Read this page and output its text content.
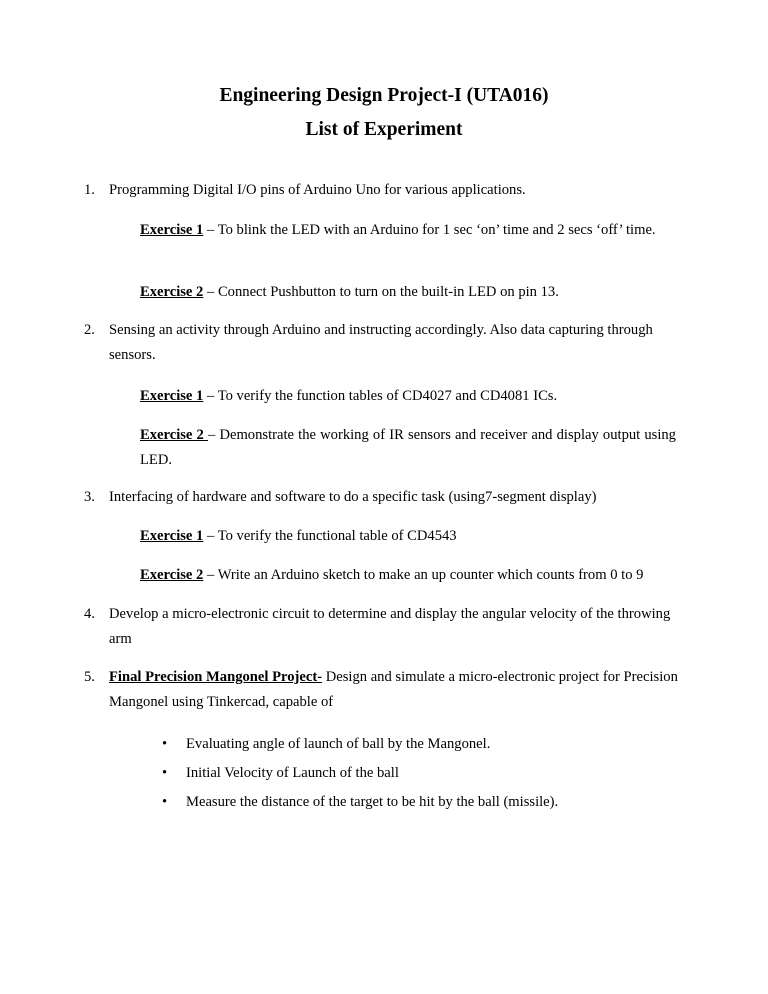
Engineering Design Project-I (UTA016)
List of Experiment
1. Programming Digital I/O pins of Arduino Uno for various applications.
Exercise 1 – To blink the LED with an Arduino for 1 sec ‘on’ time and 2 secs ‘off’ time.
Exercise 2 – Connect Pushbutton to turn on the built-in LED on pin 13.
2. Sensing an activity through Arduino and instructing accordingly. Also data capturing through sensors.
Exercise 1 – To verify the function tables of CD4027 and CD4081 ICs.
Exercise 2 – Demonstrate the working of IR sensors and receiver and display output using LED.
3. Interfacing of hardware and software to do a specific task (using7-segment display)
Exercise 1 – To verify the functional table of CD4543
Exercise 2 – Write an Arduino sketch to make an up counter which counts from 0 to 9
4. Develop a micro-electronic circuit to determine and display the angular velocity of the throwing arm
5. Final Precision Mangonel Project- Design and simulate a micro-electronic project for Precision Mangonel using Tinkercad, capable of
• Evaluating angle of launch of ball by the Mangonel.
• Initial Velocity of Launch of the ball
• Measure the distance of the target to be hit by the ball (missile).
